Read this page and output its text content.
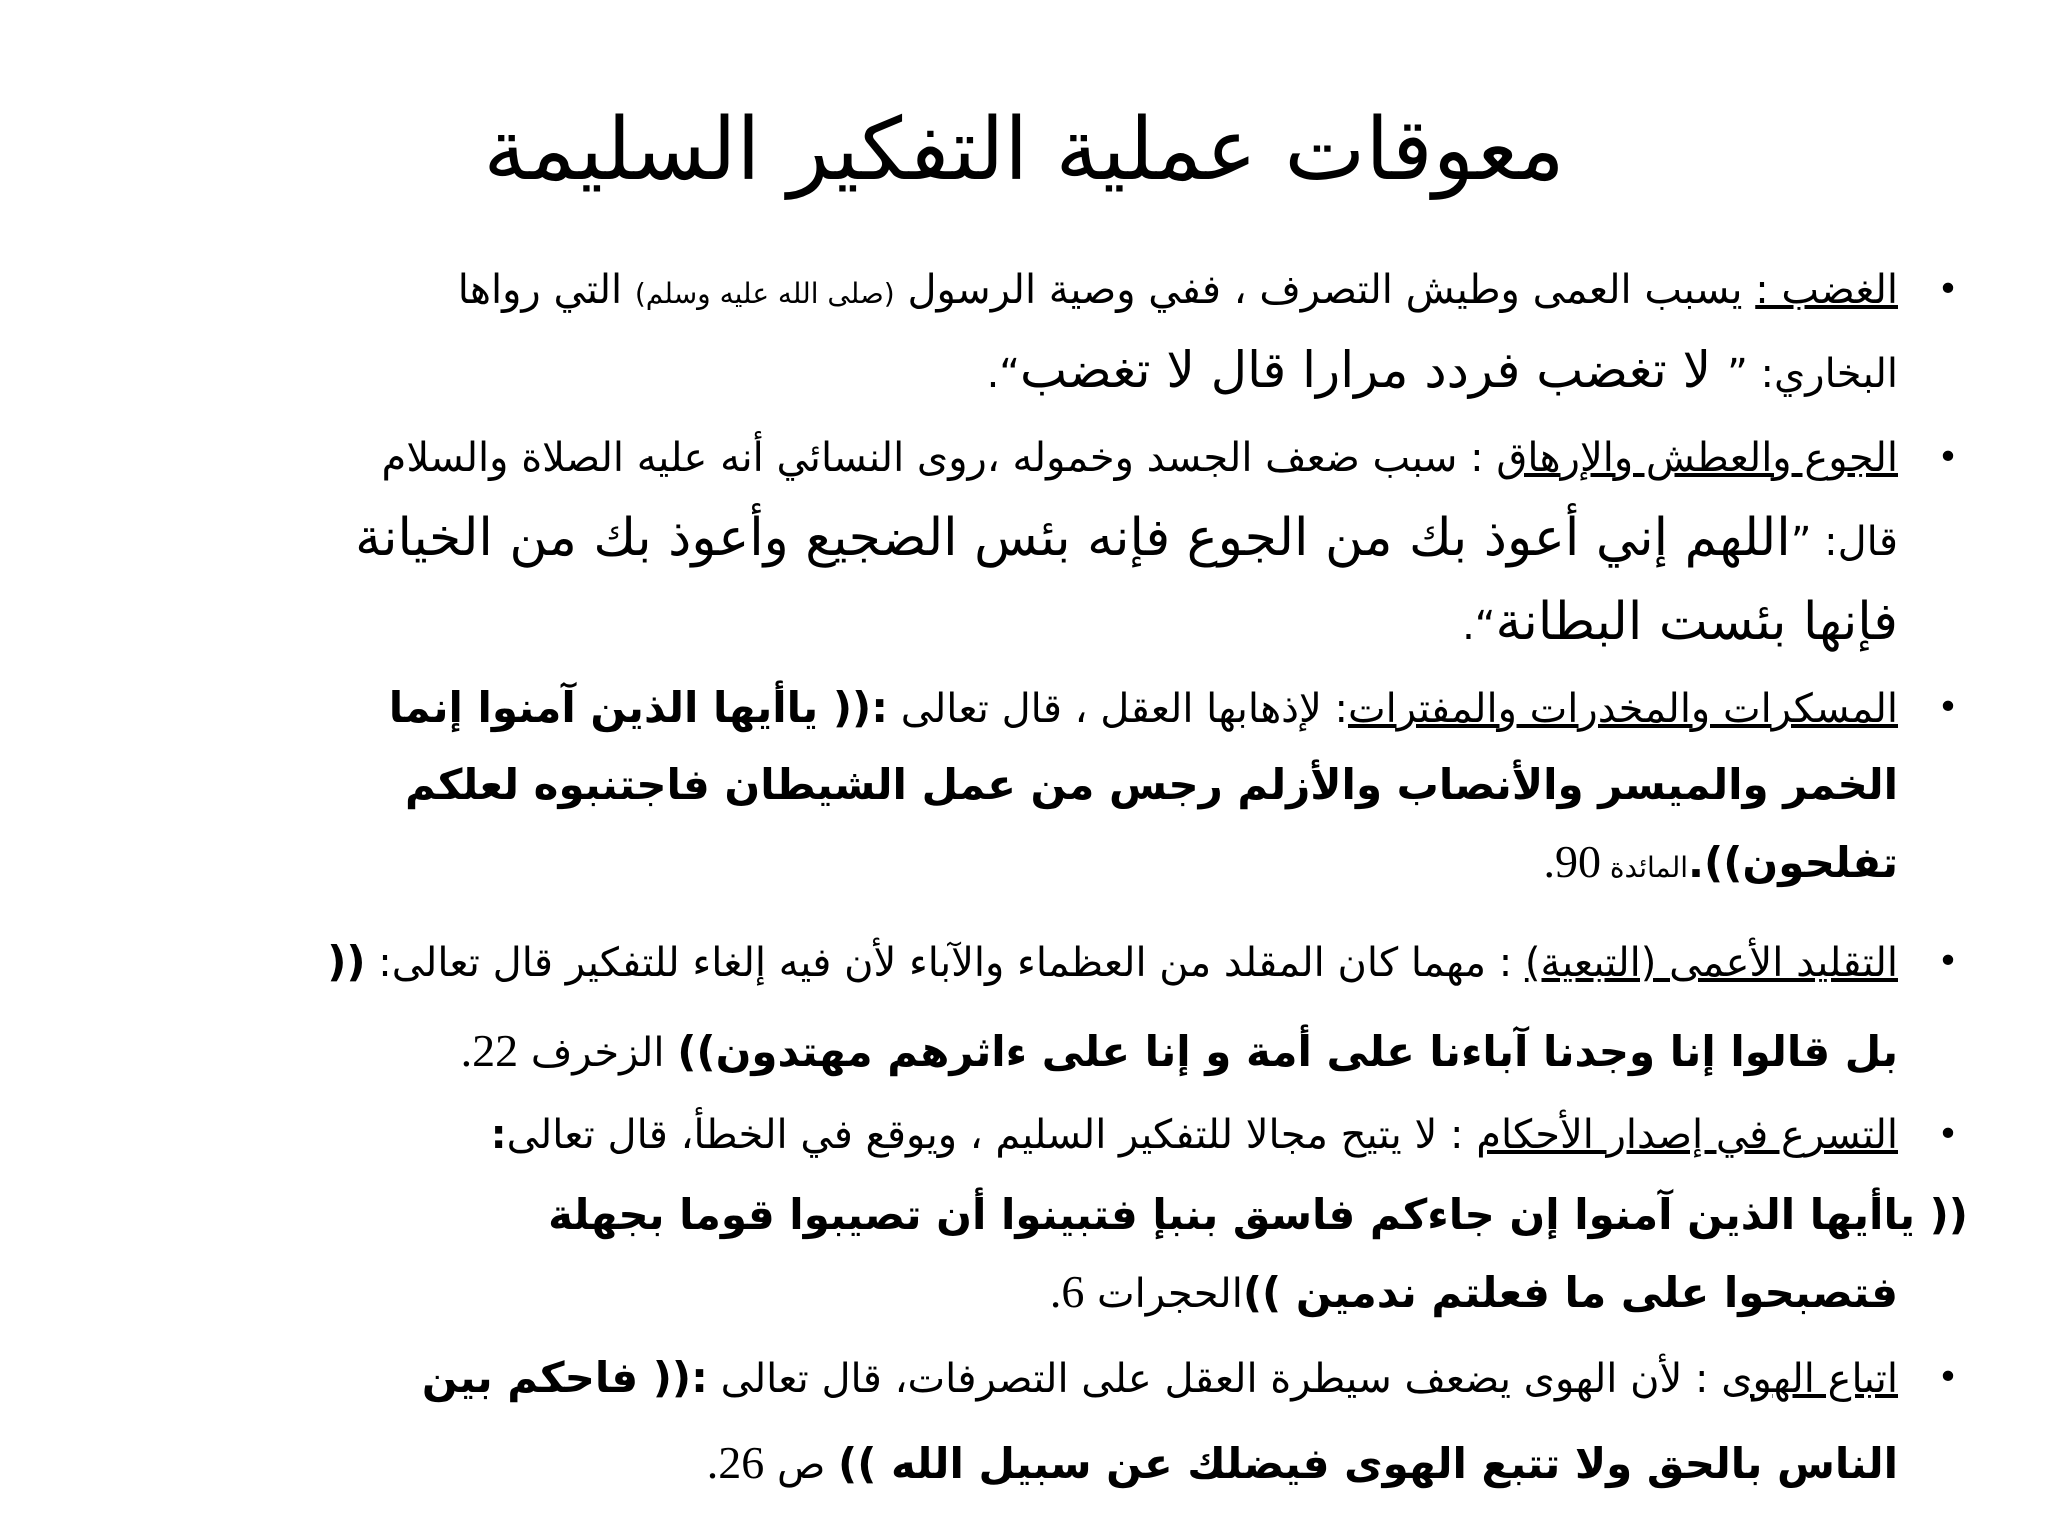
معوقات عملية التفكير السليمة
•
الغضب : يسبب العمى وطيش التصرف ، ففي وصية الرسول (صلى الله عليه وسلم) التي رواها
البخاري: ” لا تغضب فردد مرارا قال لا تغضب“.
•
الجوع والعطش والإرهاق : سبب ضعف الجسد وخموله ،روى النسائي أنه عليه الصلاة والسلام
قال: ”اللهم إني أعوذ بك من الجوع فإنه بئس الضجيع وأعوذ بك من الخيانة
فإنها بئست البطانة“.
•
المسكرات والمخدرات والمفترات: لإذهابها العقل ، قال تعالى :(( ياأيها الذين آمنوا إنما
الخمر والميسر والأنصاب والأزلم رجس من عمل الشيطان فاجتنبوه لعلكم
تفلحون)).المائدة 90.
•
التقليد الأعمى (التبعية) : مهما كان المقلد من العظماء والآباء لأن فيه إلغاء للتفكير قال تعالى: ((
بل قالوا إنا وجدنا آباءنا على أمة و إنا على ءاثرهم مهتدون)) الزخرف 22.
•
التسرع في إصدار الأحكام : لا يتيح مجالا للتفكير السليم ، ويوقع في الخطأ، قال تعالى:
(( ياأيها الذين آمنوا إن جاءكم فاسق بنبإ فتبينوا أن تصيبوا قوما بجهلة
فتصبحوا على ما فعلتم ندمين ))الحجرات 6.
•
اتباع الهوى : لأن الهوى يضعف سيطرة العقل على التصرفات، قال تعالى :(( فاحكم بين
الناس بالحق ولا تتبع الهوى فيضلك عن سبيل الله )) ص 26.
